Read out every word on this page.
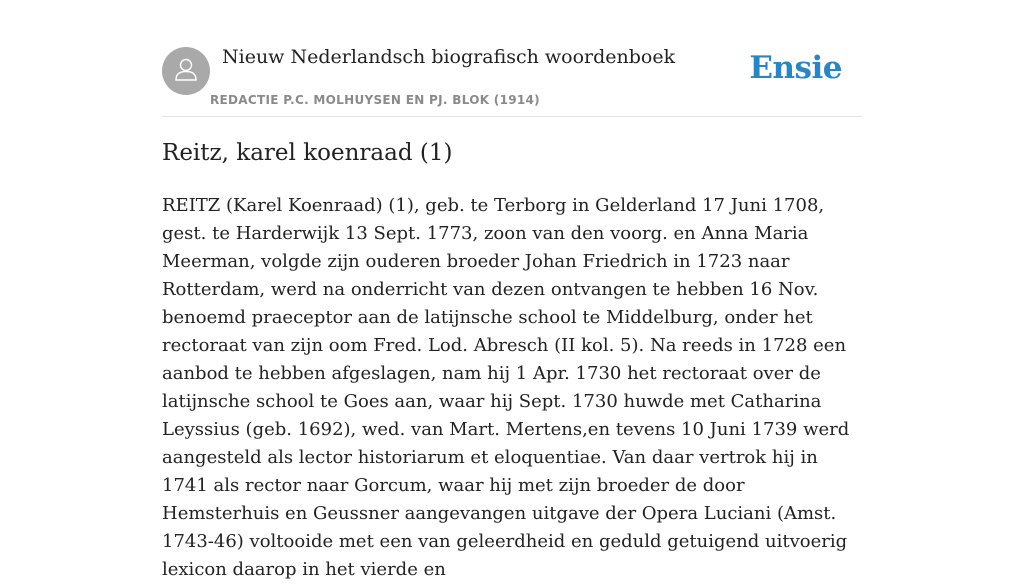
Nieuw Nederlandsch biografisch woordenboek
REDACTIE P.C. MOLHUYSEN EN PJ. BLOK (1914)
Ensie
Reitz, karel koenraad (1)

REITZ (Karel Koenraad) (1), geb. te Terborg in Gelderland 17 Juni 1708, gest. te Harderwijk 13 Sept. 1773, zoon van den voorg. en Anna Maria Meerman, volgde zijn ouderen broeder Johan Friedrich in 1723 naar Rotterdam, werd na onderricht van dezen ontvangen te hebben 16 Nov. benoemd praeceptor aan de latijnsche school te Middelburg, onder het rectoraat van zijn oom Fred. Lod. Abresch (II kol. 5). Na reeds in 1728 een aanbod te hebben afgeslagen, nam hij 1 Apr. 1730 het rectoraat over de latijnsche school te Goes aan, waar hij Sept. 1730 huwde met Catharina Leyssius (geb. 1692), wed. van Mart. Mertens,en tevens 10 Juni 1739 werd aangesteld als lector historiarum et eloquentiae. Van daar vertrok hij in 1741 als rector naar Gorcum, waar hij met zijn broeder de door Hemsterhuis en Geussner aangevangen uitgave der Opera Luciani (Amst. 1743-46) voltooide met een van geleerdheid en geduld getuigend uitvoerig lexicon daarop in het vierde en
